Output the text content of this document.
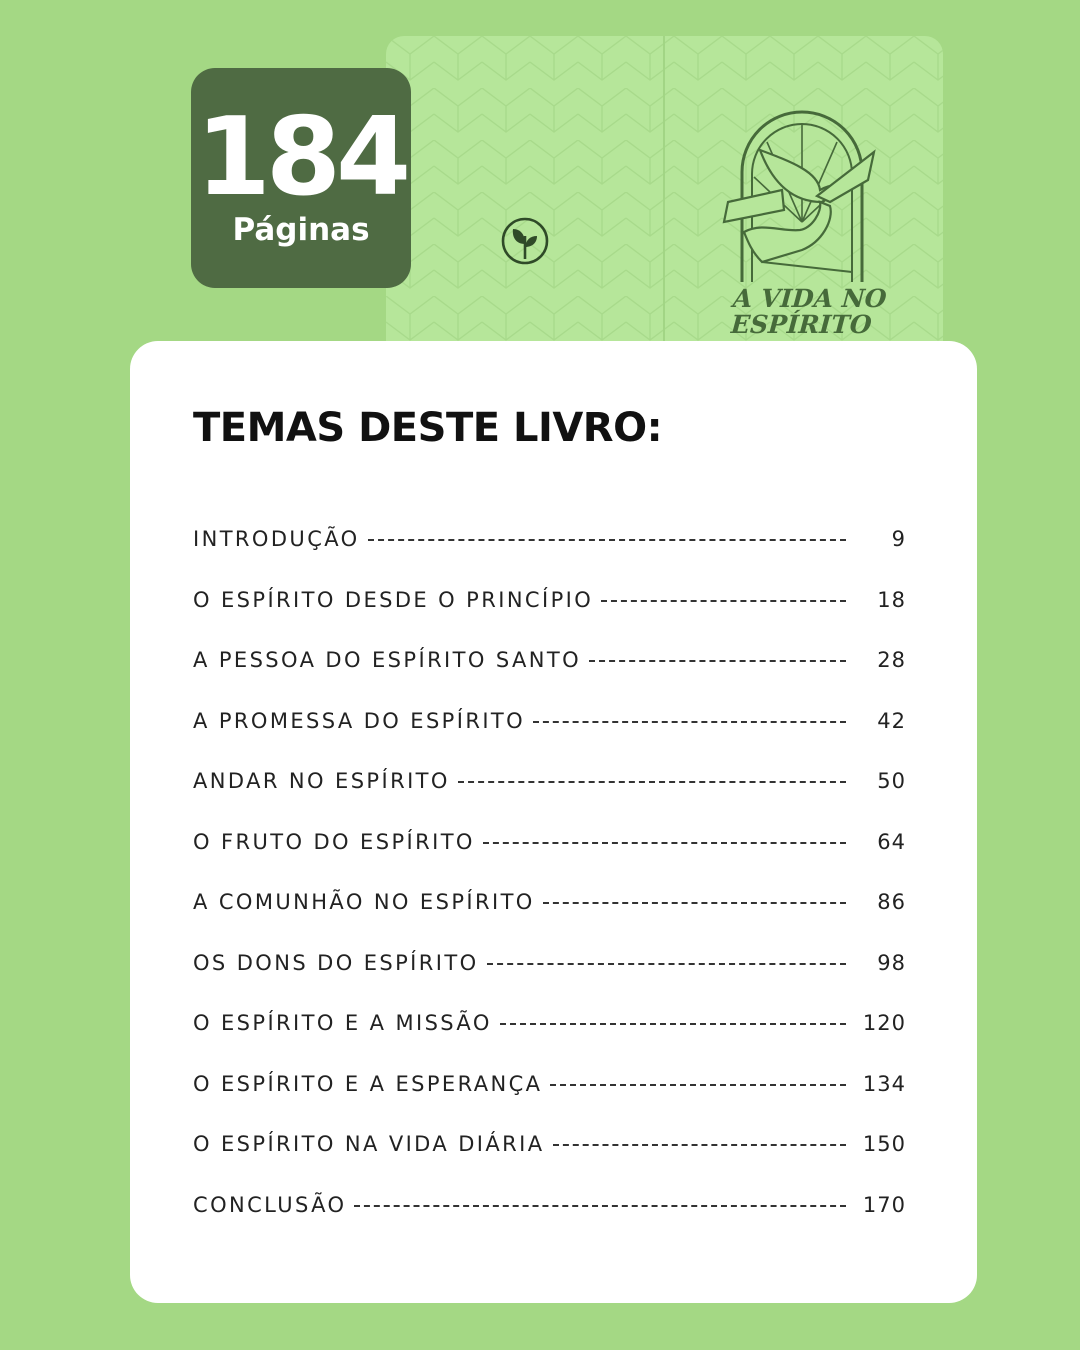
A VIDA NO
ESPÍRITO
184
Páginas
TEMAS DESTE LIVRO:
INTRODUÇÃO	9
O ESPÍRITO DESDE O PRINCÍPIO	18
A PESSOA DO ESPÍRITO SANTO	28
A PROMESSA DO ESPÍRITO	42
ANDAR NO ESPÍRITO	50
O FRUTO DO ESPÍRITO	64
A COMUNHÃO NO ESPÍRITO	86
OS DONS DO ESPÍRITO	98
O ESPÍRITO E A MISSÃO	120
O ESPÍRITO E A ESPERANÇA	134
O ESPÍRITO NA VIDA DIÁRIA	150
CONCLUSÃO	170
